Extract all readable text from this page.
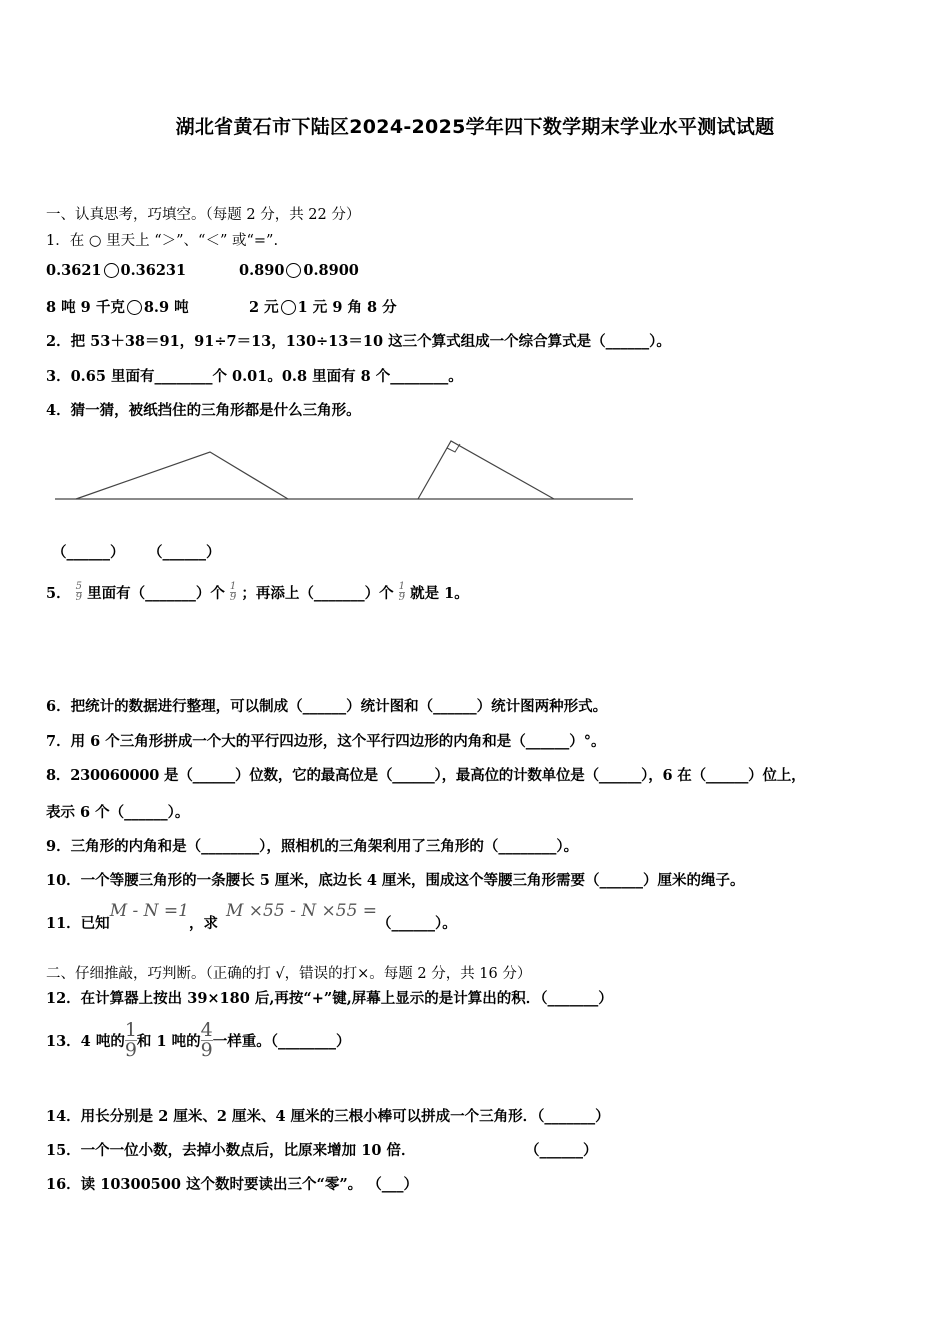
湖北省黄石市下陆区2024-2025学年四下数学期末学业水平测试试题
一、认真思考，巧填空。（每题 2 分，共 22 分）
1．在 ○ 里天上 “＞”、“＜” 或“=”.
0.3621 0.36231	0.890 0.8900
8 吨 9 千克 8.9 吨	2 元 1 元 9 角 8 分
2．把 53＋38＝91，91÷7＝13，130÷13＝10 这三个算式组成一个综合算式是（______）。
3．0.65 里面有________个 0.01。0.8 里面有 8 个________。
4．猜一猜，被纸挡住的三角形都是什么三角形。
（______） （______）
5． $\frac{5}{9}$ 里面有（_______）个 $\frac{1}{9}$ ；再添上（_______）个 $\frac{1}{9}$ 就是 1。
6．把统计的数据进行整理，可以制成（______）统计图和（______）统计图两种形式。
7．用 6 个三角形拼成一个大的平行四边形，这个平行四边形的内角和是（______）°。
8．230060000 是（______）位数，它的最高位是（______），最高位的计数单位是（______），6 在（______）位上，
表示 6 个（______）。
9．三角形的内角和是（________），照相机的三角架利用了三角形的（________）。
10．一个等腰三角形的一条腰长 5 厘米，底边长 4 厘米，围成这个等腰三角形需要（______）厘米的绳子。
11．已知M - N =1，求M ×55 - N ×55 =（______）。
二、仔细推敲，巧判断。（正确的打 √，错误的打×。每题 2 分，共 16 分）
12．在计算器上按出 39×180 后,再按“+”键,屏幕上显示的是计算出的积．（_______）
13．4 吨的$\frac{1}{9}$和 1 吨的$\frac{4}{9}$一样重。（________）
14．用长分别是 2 厘米、2 厘米、4 厘米的三根小棒可以拼成一个三角形．（_______）
15．一个一位小数，去掉小数点后，比原来增加 10 倍．	（______）
16．读 10300500 这个数时要读出三个“零”。 （___）
